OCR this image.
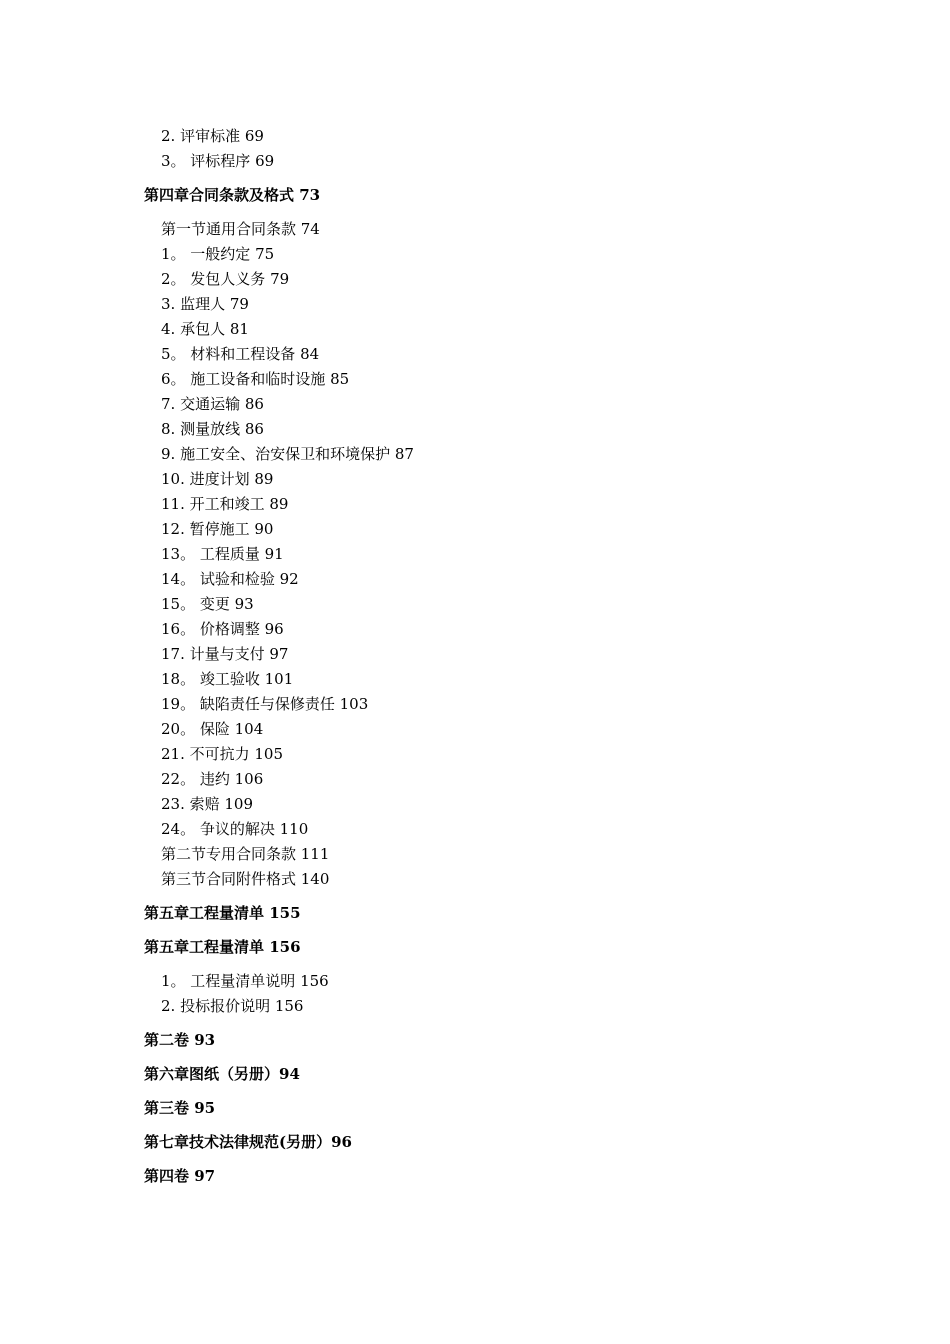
2. 评审标准 69
3。 评标程序 69
第四章合同条款及格式 73
第一节通用合同条款 74
1。 一般约定 75
2。 发包人义务 79
3. 监理人 79
4. 承包人 81
5。 材料和工程设备 84
6。 施工设备和临时设施 85
7. 交通运输 86
8. 测量放线 86
9. 施工安全、治安保卫和环境保护 87
10. 进度计划 89
11. 开工和竣工 89
12. 暂停施工 90
13。 工程质量 91
14。 试验和检验 92
15。 变更 93
16。 价格调整 96
17. 计量与支付 97
18。 竣工验收 101
19。 缺陷责任与保修责任 103
20。 保险 104
21. 不可抗力 105
22。 违约 106
23. 索赔 109
24。 争议的解决 110
第二节专用合同条款 111
第三节合同附件格式 140
第五章工程量清单 155
第五章工程量清单 156
1。 工程量清单说明 156
2. 投标报价说明 156
第二卷 93
第六章图纸（另册）94
第三卷 95
第七章技术法律规范(另册）96
第四卷 97
